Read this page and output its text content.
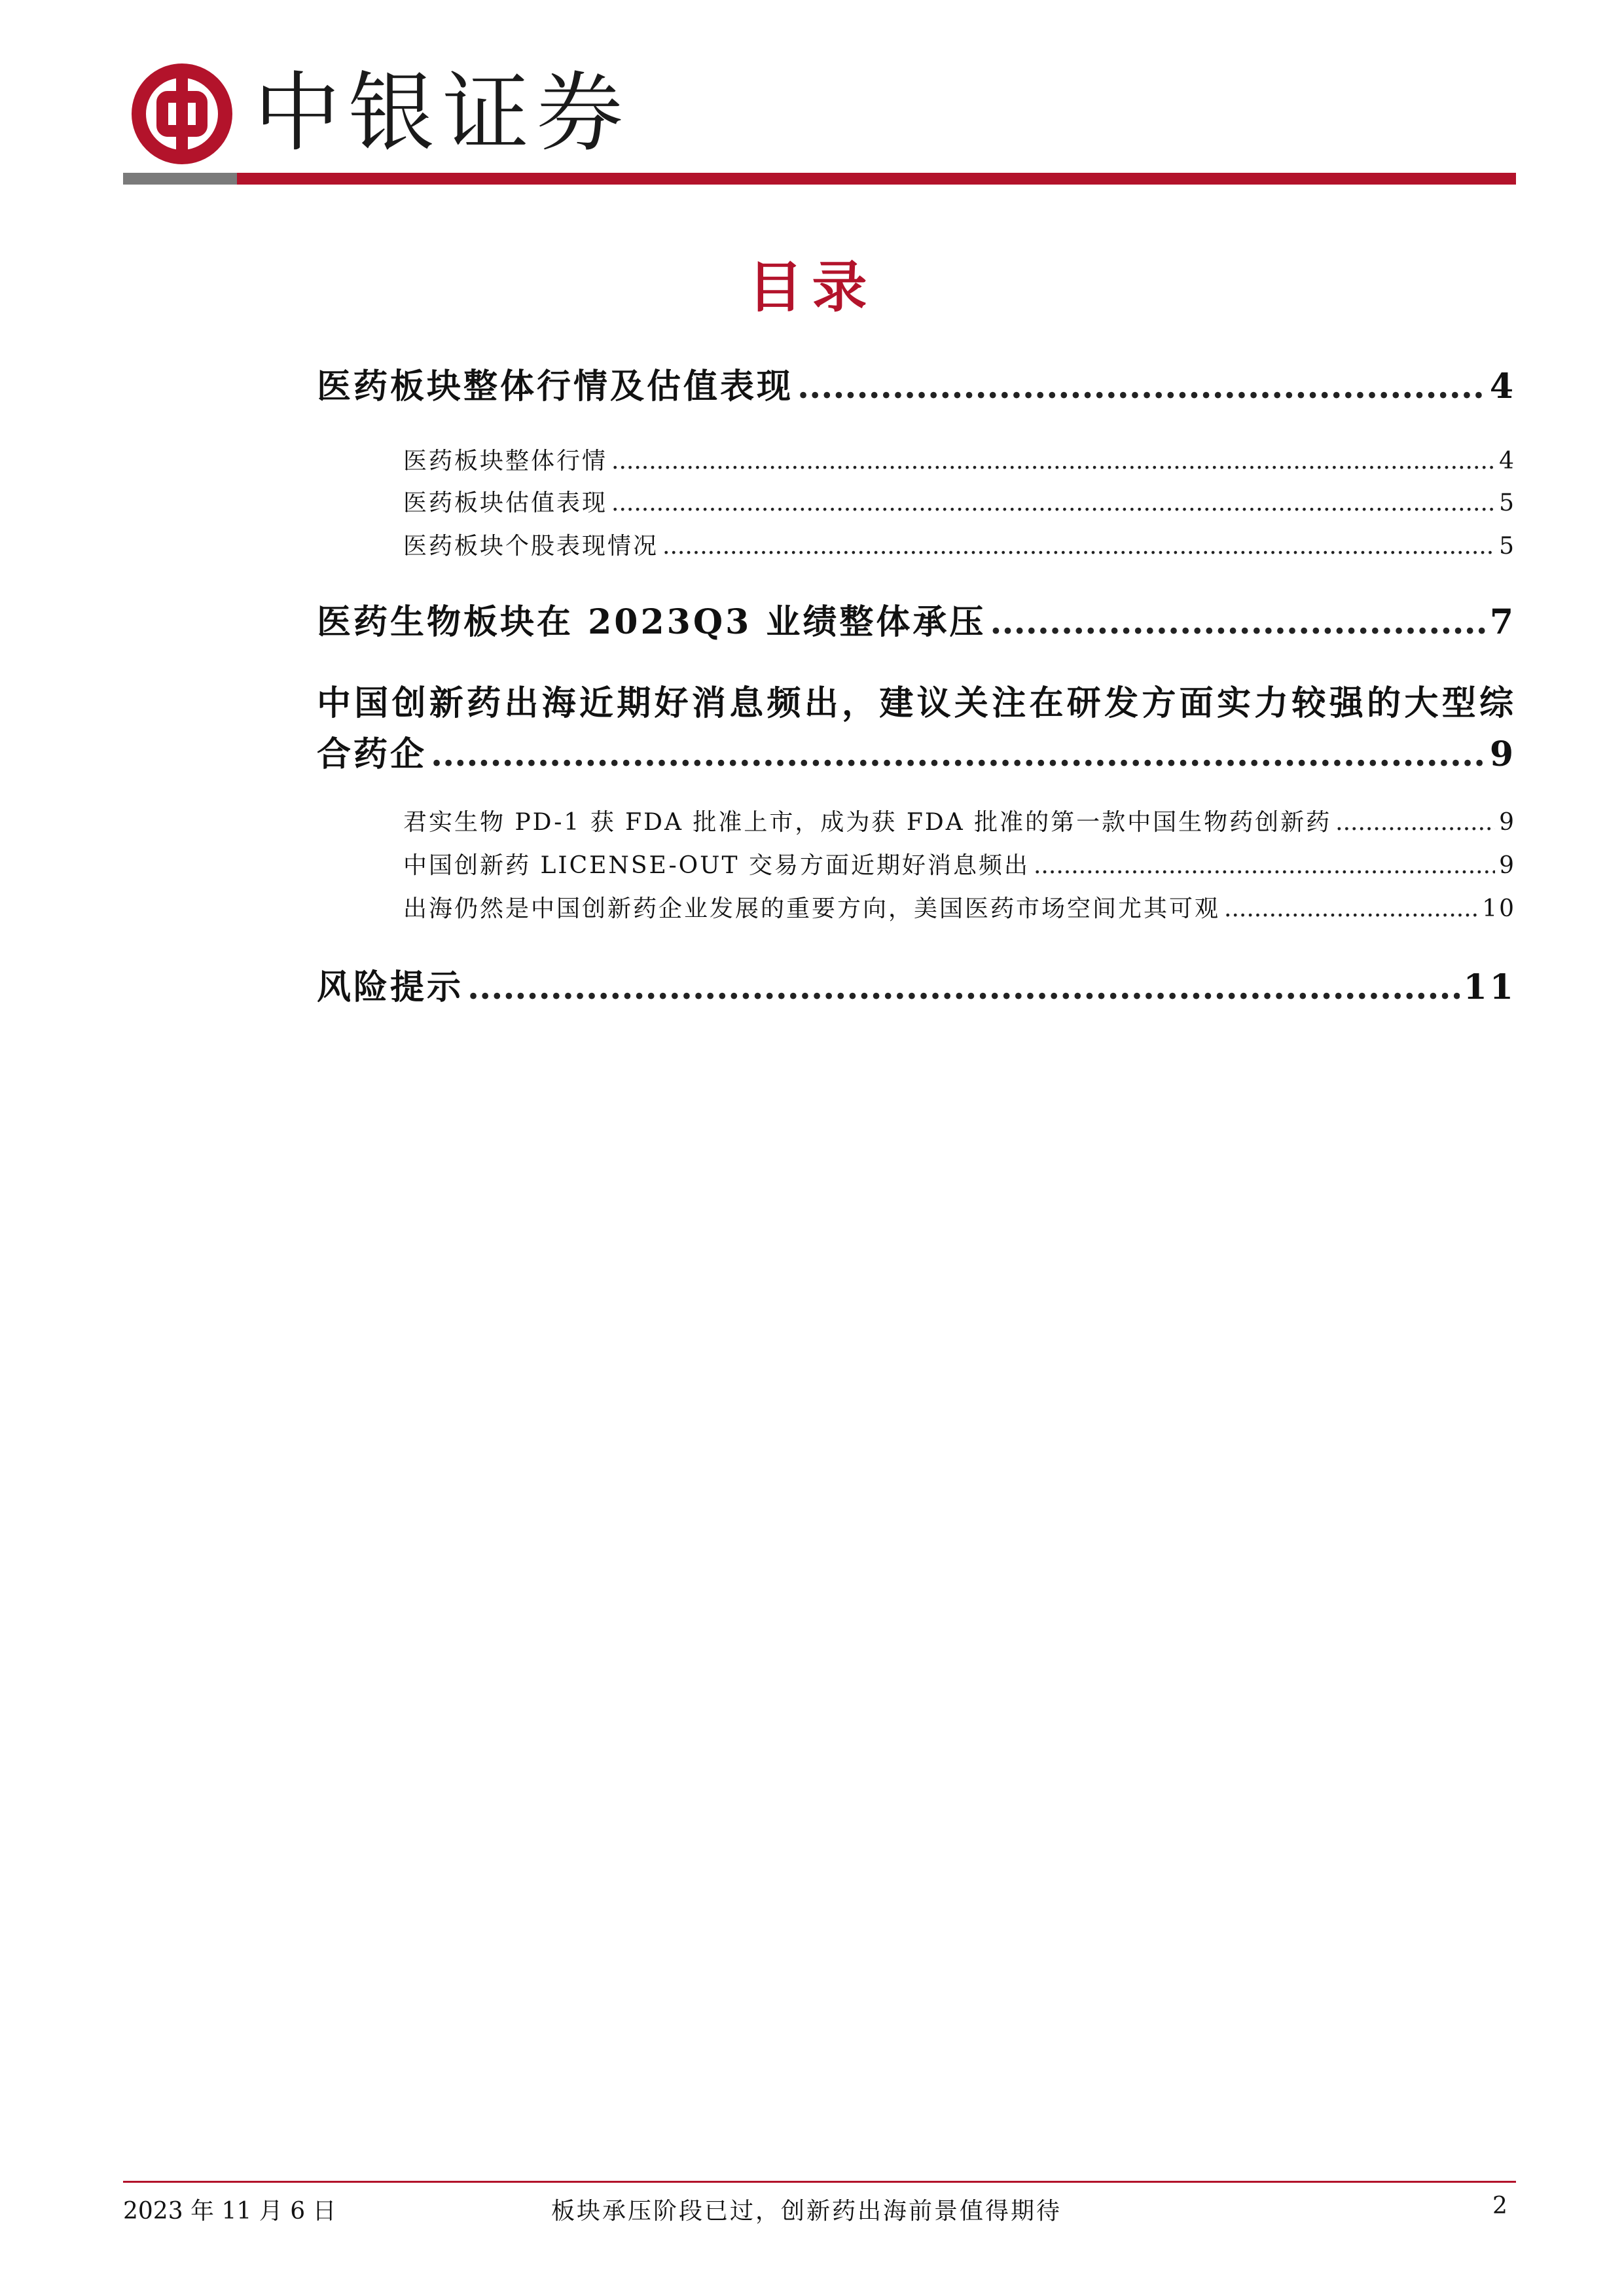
中银证券
目录
医药板块整体行情及估值表现 .....	4
医药板块整体行情 .....	4
医药板块估值表现 .....	5
医药板块个股表现情况 .....	5
医药生物板块在 2023Q3 业绩整体承压 .....	7
中国创新药出海近期好消息频出，建议关注在研发方面实力较强的大型综
合药企 .....	9
君实生物 PD-1 获 FDA 批准上市，成为获 FDA 批准的第一款中国生物药创新药 .....	9
中国创新药 LICENSE-OUT 交易方面近期好消息频出 .....	9
出海仍然是中国创新药企业发展的重要方向，美国医药市场空间尤其可观 .....	10
风险提示 .....	11
2023 年 11 月 6 日	板块承压阶段已过，创新药出海前景值得期待	2
